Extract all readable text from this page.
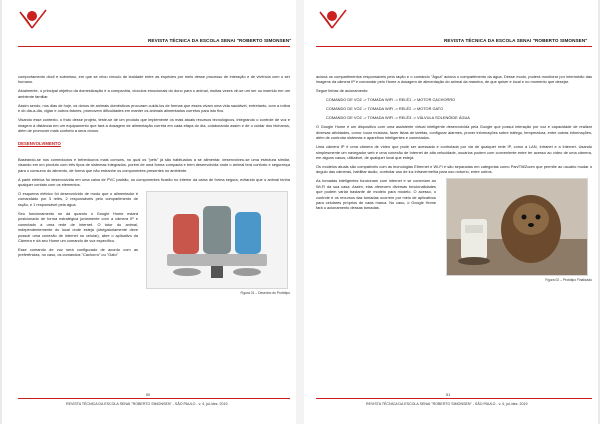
REVISTA TÉCNICA DA ESCOLA SENAI "ROBERTO SIMONSEN"

comportamento dócil e submisso, em que se criou vínculo de lealdade entre as espécies por meio desse processo de interação e de vivência com o ser humano.

Atualmente, o principal objetivo da domesticação é a companhia, vínculos emocionais do dono para o animal, muitas vezes vê-se um ser ou inserido em um ambiente familiar.

Assim sendo, nos dias de hoje, os donos de animais domésticos procuram cuidá-los de formas que esses vivam uma vida saudável, entretanto, com a rotina e do dia-a-dia, vigiar e outros fatores, promovem dificuldades em manter os animais alimentados corretos para isto fixo.

Visando esse contexto, o fruto desse projeto, teste-se de um produto que implemente os mais atuais recursos tecnológicos, integrando o controle de voz e imagem à distância em um equipamento que fará a dosagem de alimentação correta em cada etapa do dia, colaborando assim e de o cuidar dos bichanos, além de promover mais conforto a seus donos.

DESENVOLVIMENTO

Baseando-se nos comedouros e bebedouros mais comuns, no qual os "pets" já são habituados a se alimentar, desenvolveu-se uma estrutura similar, visando em um produto com três tipos de sistemas integrados, porém de uma forma compacta e bem desenvolvida onde o animal terá conforto e segurança para o consumo do alimento, de forma que não estranhe os componentes presentes no ambiente.

A parte elétrica foi desenvolvida em uma caixa de PVC padrão, os componentes ficarão no interior da caixa de forma segura, evitando que o animal tenha qualquer contato com os elementos.

O esquema elétrico foi desenvolvido de modo que o alimentador é comandado por 3 relés, 2 responsáveis pelo compartimento de ração, e 1 responsável pela água.

Seu funcionamento se dá quando o Google Home estará posicionado de forma estratégica juntamente com a câmera IP e conectado à uma rede de internet. O tutor do animal, independentemente do local onde esteja (obrigatoriamente deve possuir uma conexão de internet no celular), abre o aplicativo da Câmera e dá seu Home um comando de voz específico.

Esse comando de voz será configurado de acordo com as preferências, no caso, os comandos "Cachorro" ou "Gato"

Figura 01 – Desenho do Protótipo
50
REVISTA TÉCNICA DA ESCOLA SENAI "ROBERTO SIMONSEN" - SÃO PAULO - v. 4, jul./dez. 2019
REVISTA TÉCNICA DA ESCOLA SENAI "ROBERTO SIMONSEN"

aciona os compartimentos responsáveis pela ração e o comando "Água" aciona o compartimento da água. Desse modo, poderá monitorar por intermédio das imagens da câmera IP e comandar pelo Home a dosagem de alimentação do animal da maneira, de que quiser e local e no momento que desejar.

Segue linhas de acionamento:

COMANDO DE VOZ -> TOMADA WIFI -> RELÉ1 -> MOTOR CACHORRO

COMANDO DE VOZ -> TOMADA WIFI -> RELÉ2 -> MOTOR GATO

COMANDO DE VOZ -> TOMADA WIFI -> RELÉ3 -> VÁLVULA SOLENÓIDE ÁGUA

O Google Home é um dispositivo com uma assistente virtual inteligente desenvolvida pela Google que possui interação por voz e capacidade de realizar diversas atividades, como: tocar músicas, fazer listas de tarefas, configurar alarmes, prover informações sobre tráfego, temperatura, entre outras informações, além de controlar sistemas e aparelhos inteligentes e conectados.

Uma câmera IP é uma câmera de vídeo que pode ser acessada e controlada por via de qualquer rede IP, como a LAN, Intranet e a Internet. Usando simplesmente um navegador web e uma conexão de Internet de alta velocidade, usuários podem com conveniente entre ter acesso ao vídeo de uma câmera, em alguns casos, utilizável, de qualquer local que esteja.

Os modelos atuais são compatíveis com as tecnologias Ethernet e Wi-Fi e são separadas em categorias como Pan/Tilt/Zoom que permite ao usuário mudar o ângulo das câmeras, habilitar áudio, controlar uso de luz infravermelha para uso noturno, entre outros.

As tomadas inteligentes funcionam com internet e se conectam ao Wi-Fi da sua casa. Assim, elas oferecem diversas funcionalidades que podem variar bastante de modelo para modelo. O acesso, o controle e os recursos das tomadas ocorrem por meio de aplicativos para celulares próprios de cada marca. No caso, o Google Home fará o acionamento dessas tomadas.

Figura 02 – Protótipo Finalizado
51
REVISTA TÉCNICA DA ESCOLA SENAI "ROBERTO SIMONSEN" - SÃO PAULO - v. 4, jul./dez. 2019
